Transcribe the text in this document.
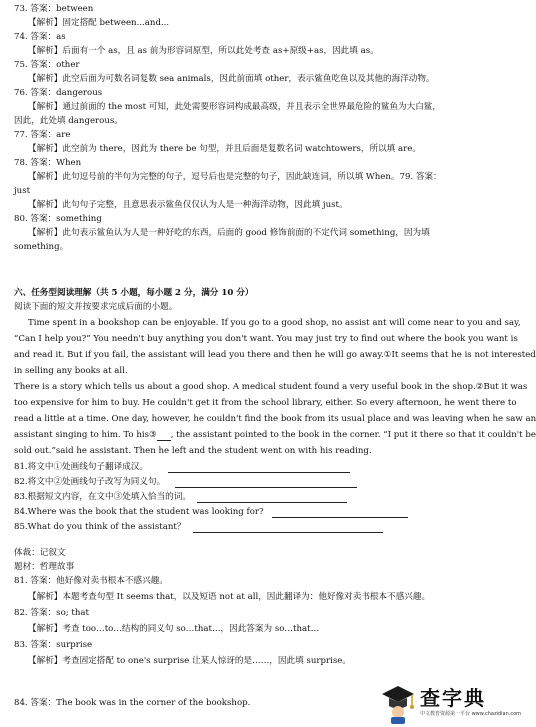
73. 答案：between
【解析】固定搭配 between...and...
74. 答案：as
【解析】后面有一个 as，且 as 前为形容词原型，所以此处考查 as+原级+as，因此填 as。
75. 答案：other
【解析】此空后面为可数名词复数 sea animals，因此前面填 other，表示鲨鱼吃鱼以及其他的海洋动物。
76. 答案：dangerous
【解析】通过前面的 the most 可知，此处需要形容词构成最高级，并且表示全世界最危险的鲨鱼为大白鲨，
因此，此处填 dangerous。
77. 答案：are
【解析】此空前为 there，因此为 there be 句型，并且后面是复数名词 watchtowers，所以填 are。
78. 答案：When
【解析】此句逗号前的半句为完整的句子，逗号后也是完整的句子，因此缺连词，所以填 When。79. 答案：
just
【解析】此句句子完整，且意思表示鲨鱼仅仅认为人是一种海洋动物，因此填 just。
80. 答案：something
【解析】此句表示鲨鱼认为人是一种好吃的东西，后面的 good 修饰前面的不定代词 something，因为填
something。
六、任务型阅读理解（共 5 小题，每小题 2 分，满分 10 分）
阅读下面的短文并按要求完成后面的小题。
Time spent in a bookshop can be enjoyable. If you go to a good shop, no assist ant will come near to you and say,
“Can I help you?” You needn't buy anything you don't want. You may just try to find out where the book you want is
and read it. But if you fail, the assistant will lead you there and then he will go away.①It seems that he is not interested
in selling any books at all.
There is a story which tells us about a good shop. A medical student found a very useful book in the shop.②But it was
too expensive for him to buy. He couldn't get it from the school library, either. So every afternoon, he went there to
read a little at a time. One day, however, he couldn't find the book from its usual place and was leaving when he saw an
assistant singing to him. To his③ , the assistant pointed to the book in the corner. “I put it there so that it couldn't be
sold out.”said he assistant. Then he left and the student went on with his reading.
81.将文中①处画线句子翻译成汉。
82.将文中②处画线句子改写为同义句。
83.根据短文内容，在文中③处填入恰当的词。
84.Where was the book that the student was looking for?
85.What do you think of the assistant？
体裁：记叙文
题材：哲理故事
81. 答案：他好像对卖书根本不感兴趣。
【解析】本题考查句型 It seems that，以及短语 not at all，因此翻译为：他好像对卖书根本不感兴趣。
82. 答案：so; that
【解析】考查 too…to…结构的同义句 so…that…，因此答案为 so…that…
83. 答案：surprise
【解析】考查固定搭配 to one's surprise 让某人惊讶的是……，因此填 surprise。
84. 答案：The book was in the corner of the bookshop.	查字典
中文教育资源第一平台 www.chazidian.com
